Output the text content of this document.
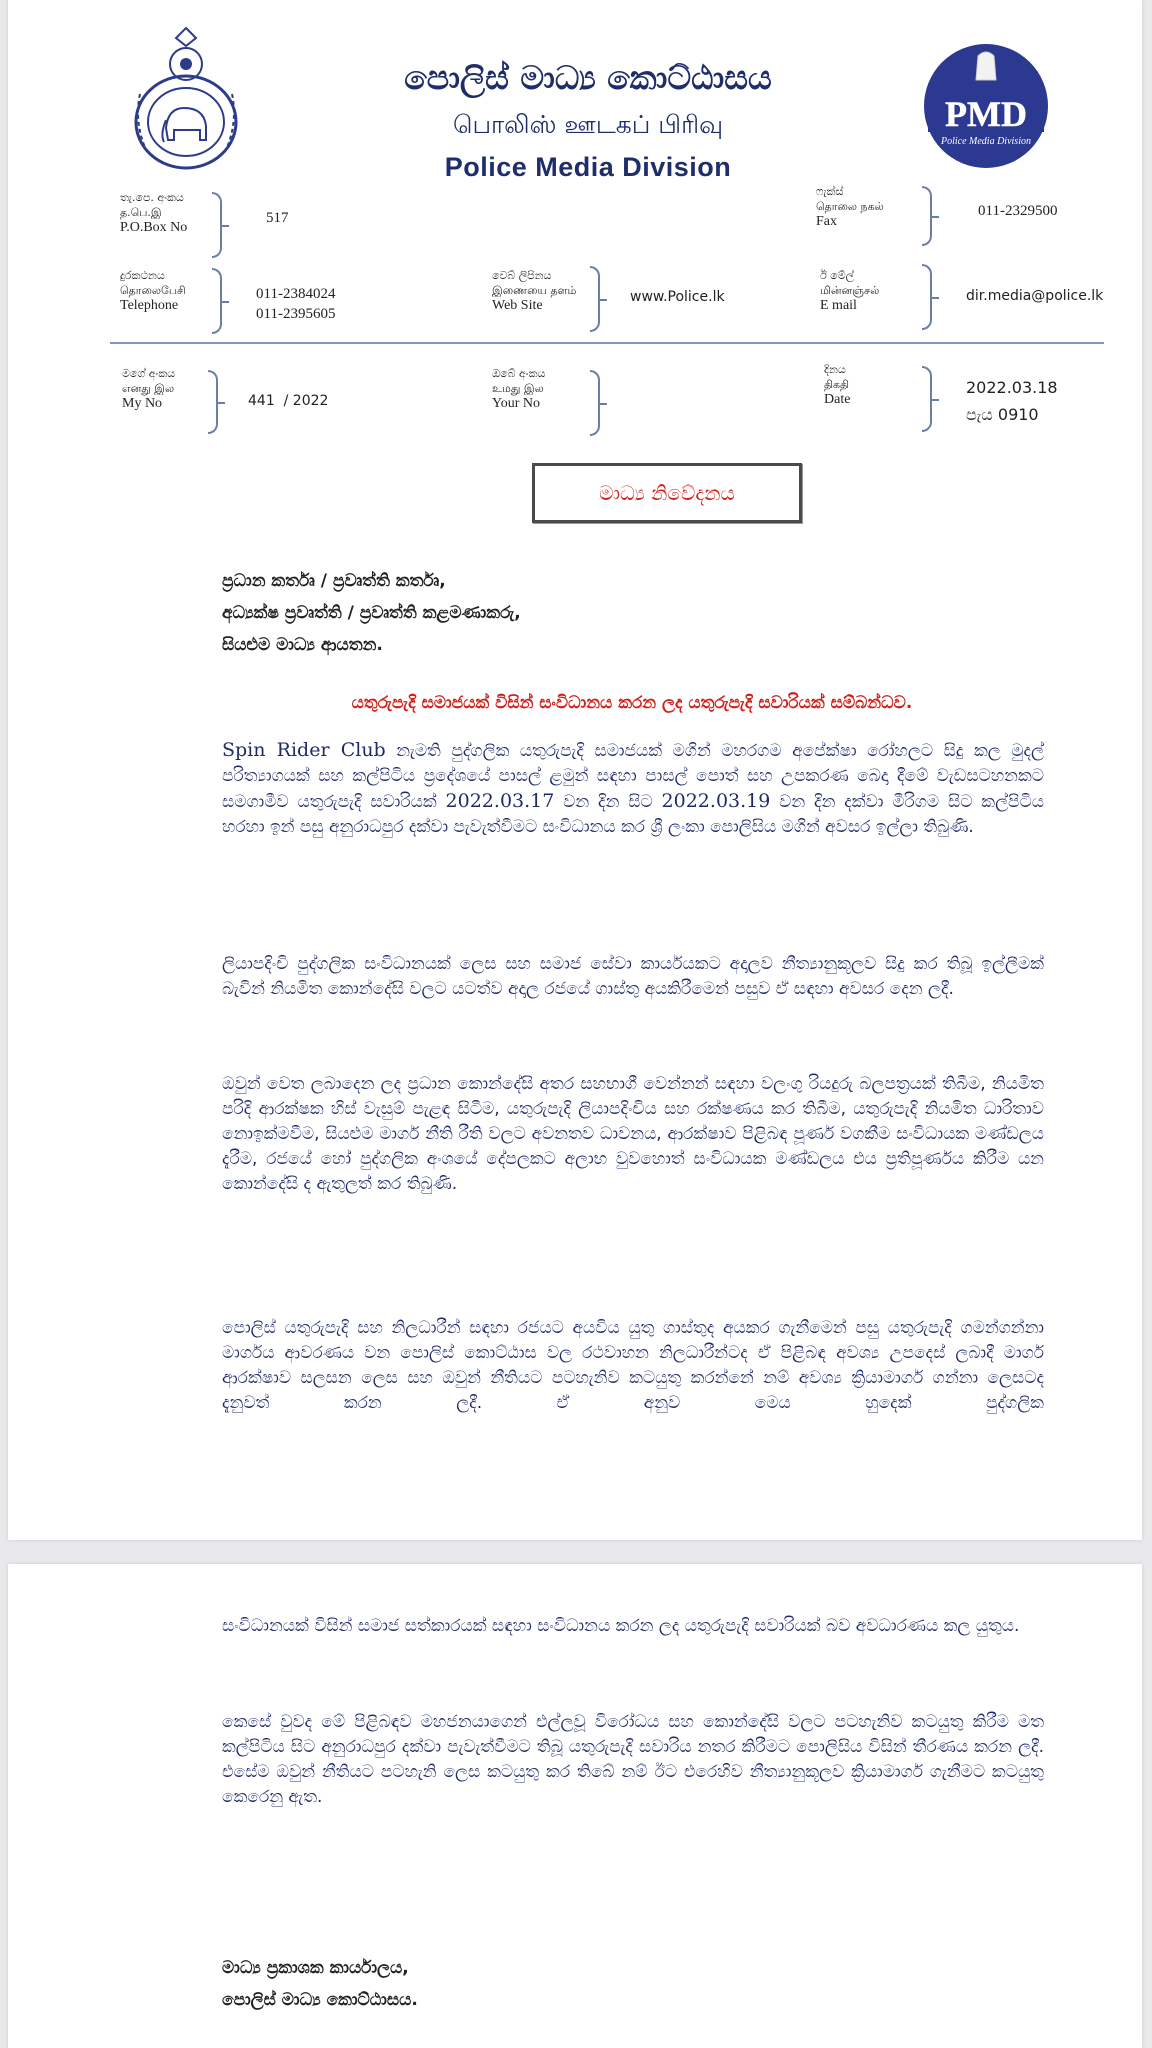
පොලිස් මාධ්‍ය කොට්ඨාසය
பொலிஸ் ஊடகப் பிரிவு
Police Media Division
PMD
Police Media Division
තැ.පෙ. අංකය
த.பெ.இ
P.O.Box No
517
ෆැක්ස්
தொலை நகல்
Fax
011-2329500
දුරකථනය
தொலைபேசி
Telephone
011-2384024
011-2395605
වෙබ් ලිපිනය
இணையை தளம்
Web Site
www.Police.lk
ඊ මේල්
மின்னஞ்சல்
E mail
dir.media@police.lk
මගේ අංකය
எனது இல
My No	441  / 2022
ඔබේ අංකය
உமது இல
Your No
දිනය
திகதி
Date
2022.03.18
පැය 0910
මාධ්‍ය නිවේදනය
ප්‍රධාන කර්තෘ / ප්‍රවෘත්ති කර්තෘ,
අධ්‍යක්ෂ ප්‍රවෘත්ති / ප්‍රවෘත්ති කළමණාකරු,
සියළුම මාධ්‍ය ආයතන.
යතුරුපැදි සමාජයක් විසින් සංවිධානය කරන ලද යතුරුපැදි සවාරියක් සම්බන්ධව.
Spin Rider Club නැමති පුද්ගලික යතුරුපැදි සමාජයක් මගින් මහරගම අපේක්ෂා රෝහලට සිදු කල මුදල් පරිත්‍යාගයක් සහ කල්පිටිය ප්‍රදේශයේ පාසල් ළමුන් සඳහා පාසල් පොත් සහ උපකරණ බෙදා දීමේ වැඩසටහනකට සමගාමීව යතුරුපැදි සවාරියක් 2022.03.17 වන දින සිට 2022.03.19 වන දින දක්වා මීරිගම සිට කල්පිටිය හරහා ඉන් පසු අනුරාධපුර දක්වා පැවැත්වීමට සංවිධානය කර ශ්‍රී ලංකා පොලිසිය මගින් අවසර ඉල්ලා තිබුණි.
ලියාපදිංචි පුද්ගලික සංවිධානයක් ලෙස සහ සමාජ සේවා කාර්යයකට අදාලව නීත්‍යානුකූලව සිදු කර තිබූ ඉල්ලීමක් බැවින් නියමිත කොන්දේසි වලට යටත්ව අදාල රජයේ ගාස්තු අයකිරීමෙන් පසුව ඒ සඳහා අවසර දෙන ලදී.
ඔවුන් වෙත ලබාදෙන ලද ප්‍රධාන කොන්දේසි අතර සහභාගී වෙන්නන් සඳහා වලංගු රියදුරු බලපත්‍රයක් තිබීම, නියමිත පරිදි ආරක්ෂක හිස් වැසුම් පැළඳ සිටීම, යතුරුපැදි ලියාපදිංචිය සහ රක්ෂණය කර තිබීම, යතුරුපැදි නියමිත ධාරිතාව නොඉක්මවීම, සියළුම මාර්ග නීති රීති වලට අවනතව ධාවනය, ආරක්ෂාව පිළිබඳ පූර්ණ වගකීම සංවිධායක මණ්ඩලය දැරීම, රජයේ හෝ පුද්ගලික අංශයේ දේපලකට අලාභ වුවහොත් සංවිධායක මණ්ඩලය එය ප්‍රතිපූර්ණය කිරීම යන කොන්දේසි ද ඇතුලත් කර තිබුණි.
පොලිස් යතුරුපැදි සහ නිලධාරීන් සඳහා රජයට අයවිය යුතු ගාස්තුද අයකර ගැනීමෙන් පසු යතුරුපැදි ගමන්ගන්නා මාර්ගය ආවරණය වන පොලිස් කොට්ඨාස වල රථවාහන නිලධාරීන්ටද ඒ පිළිබඳ අවශ්‍ය උපදෙස් ලබාදී මාර්ග ආරක්ෂාව සලසන ලෙස සහ ඔවුන් නීතියට පටහැනිව කටයුතු කරන්නේ නම් අවශ්‍ය ක්‍රියාමාර්ග ගන්නා ලෙසටද දැනුවත් කරන ලදී. ඒ අනුව මෙය හුදෙක් පුද්ගලික
සංවිධානයක් විසින් සමාජ සත්කාරයක් සඳහා සංවිධානය කරන ලද යතුරුපැදි සවාරියක් බව අවධාරණය කල යුතුය.
කෙසේ වුවද මේ පිළිබඳව මහජනයාගෙන් එල්ලවූ විරෝධය සහ කොන්දේසි වලට පටහැනිව කටයුතු කිරීම මත කල්පිටිය සිට අනුරාධපුර දක්වා පැවැත්වීමට තිබූ යතුරුපැදි සවාරිය නතර කිරීමට පොලිසිය විසින් තීරණය කරන ලදී. එසේම ඔවුන් නීතියට පටහැනි ලෙස කටයුතු කර තිබේ නම් ඊට එරෙහිව නීත්‍යානුකූලව ක්‍රියාමාර්ග ගැනීමට කටයුතු කෙරෙනු ඇත.
මාධ්‍ය ප්‍රකාශක කාර්යාලය,
පොලිස් මාධ්‍ය කොට්ඨාසය.
